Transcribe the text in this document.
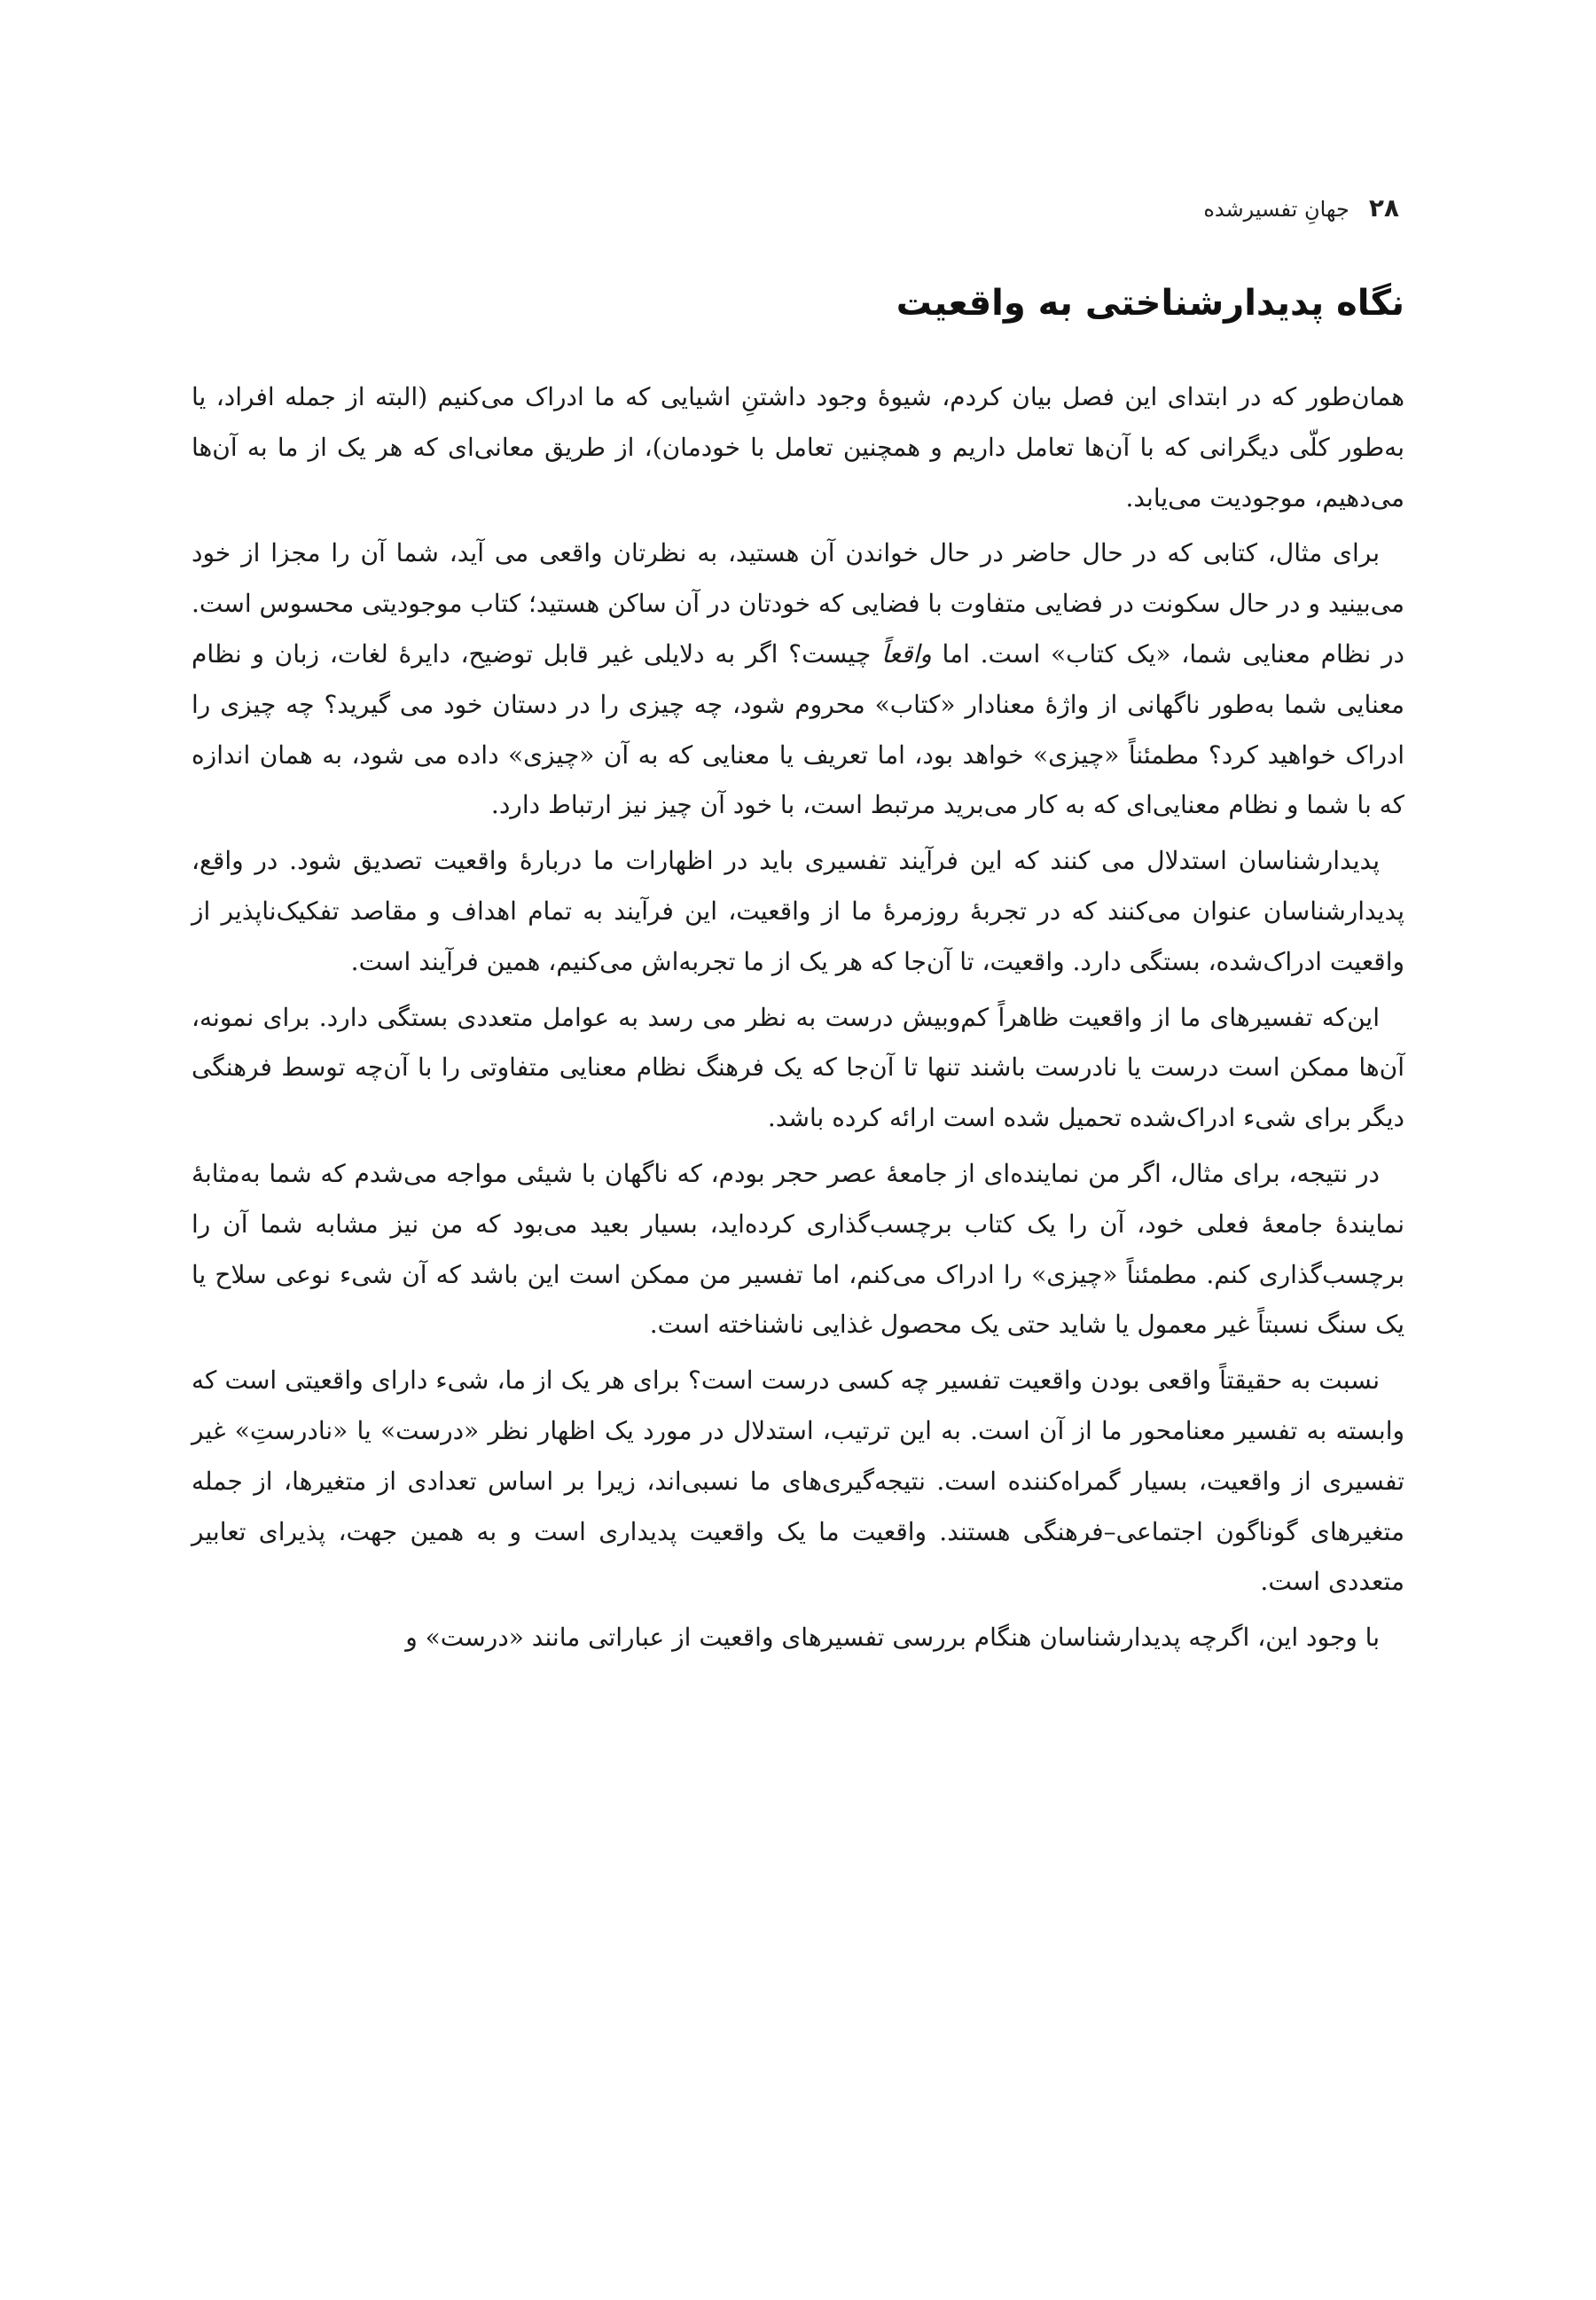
۲۸
جهانِ تفسیرشده
نگاه پدیدارشناختی به واقعیت

همان‌طور که در ابتدای این فصل بیان کردم، شیوهٔ وجود داشتنِ اشیایی که ما ادراک می‌کنیم (البته از جمله افراد، یا به‌طور کلّی دیگرانی که با آن‌ها تعامل داریم و همچنین تعامل با خودمان)، از طریق معانی‌ای که هر یک از ما به آن‌ها می‌دهیم، موجودیت می‌یابد.

برای مثال، کتابی که در حال حاضر در حال خواندن آن هستید، به نظرتان واقعی می آید، شما آن را مجزا از خود می‌بینید و در حال سکونت در فضایی متفاوت با فضایی که خودتان در آن ساکن هستید؛ کتاب موجودیتی محسوس است. در نظام معنایی شما، «یک کتاب» است. اما واقعاً چیست؟ اگر به دلایلی غیر قابل توضیح، دایرهٔ لغات، زبان و نظام معنایی شما به‌طور ناگهانی از واژهٔ معنادار «کتاب» محروم شود، چه چیزی را در دستان خود می گیرید؟ چه چیزی را ادراک خواهید کرد؟ مطمئناً «چیزی» خواهد بود، اما تعریف یا معنایی که به آن «چیزی» داده می شود، به همان اندازه که با شما و نظام معنایی‌ای که به کار می‌برید مرتبط است، با خود آن چیز نیز ارتباط دارد.

پدیدارشناسان استدلال می کنند که این فرآیند تفسیری باید در اظهارات ما دربارهٔ واقعیت تصدیق شود. در واقع، پدیدارشناسان عنوان می‌کنند که در تجربهٔ روزمرهٔ ما از واقعیت، این فرآیند به تمام اهداف و مقاصد تفکیک‌ناپذیر از واقعیت ادراک‌شده، بستگی دارد. واقعیت، تا آن‌جا که هر یک از ما تجربه‌اش می‌کنیم، همین فرآیند است.

این‌که تفسیرهای ما از واقعیت ظاهراً کم‌وبیش درست به نظر می رسد به عوامل متعددی بستگی دارد. برای نمونه، آن‌ها ممکن است درست یا نادرست باشند تنها تا آن‌جا که یک فرهنگ نظام معنایی متفاوتی را با آن‌چه توسط فرهنگی دیگر برای شیء ادراک‌شده تحمیل شده است ارائه کرده باشد.

در نتیجه، برای مثال، اگر من نماینده‌ای از جامعهٔ عصر حجر بودم، که ناگهان با شیئی مواجه می‌شدم که شما به‌مثابهٔ نمایندهٔ جامعهٔ فعلی خود، آن را یک کتاب برچسب‌گذاری کرده‌اید، بسیار بعید می‌بود که من نیز مشابه شما آن را برچسب‌گذاری کنم. مطمئناً «چیزی» را ادراک می‌کنم، اما تفسیر من ممکن است این باشد که آن شیء نوعی سلاح یا یک سنگ نسبتاً غیر معمول یا شاید حتی یک محصول غذایی ناشناخته است.

نسبت به حقیقتاً واقعی بودن واقعیت تفسیر چه کسی درست است؟ برای هر یک از ما، شیء دارای واقعیتی است که وابسته به تفسیر معنامحور ما از آن است. به این ترتیب، استدلال در مورد یک اظهار نظر «درست» یا «نادرستِ» غیر تفسیری از واقعیت، بسیار گمراه‌کننده است. نتیجه‌گیری‌های ما نسبی‌اند، زیرا بر اساس تعدادی از متغیرها، از جمله متغیرهای گوناگون اجتماعی–فرهنگی هستند. واقعیت ما یک واقعیت پدیداری است و به همین جهت، پذیرای تعابیر متعددی است.

با وجود این، اگرچه پدیدارشناسان هنگام بررسی تفسیرهای واقعیت از عباراتی مانند «درست» و
